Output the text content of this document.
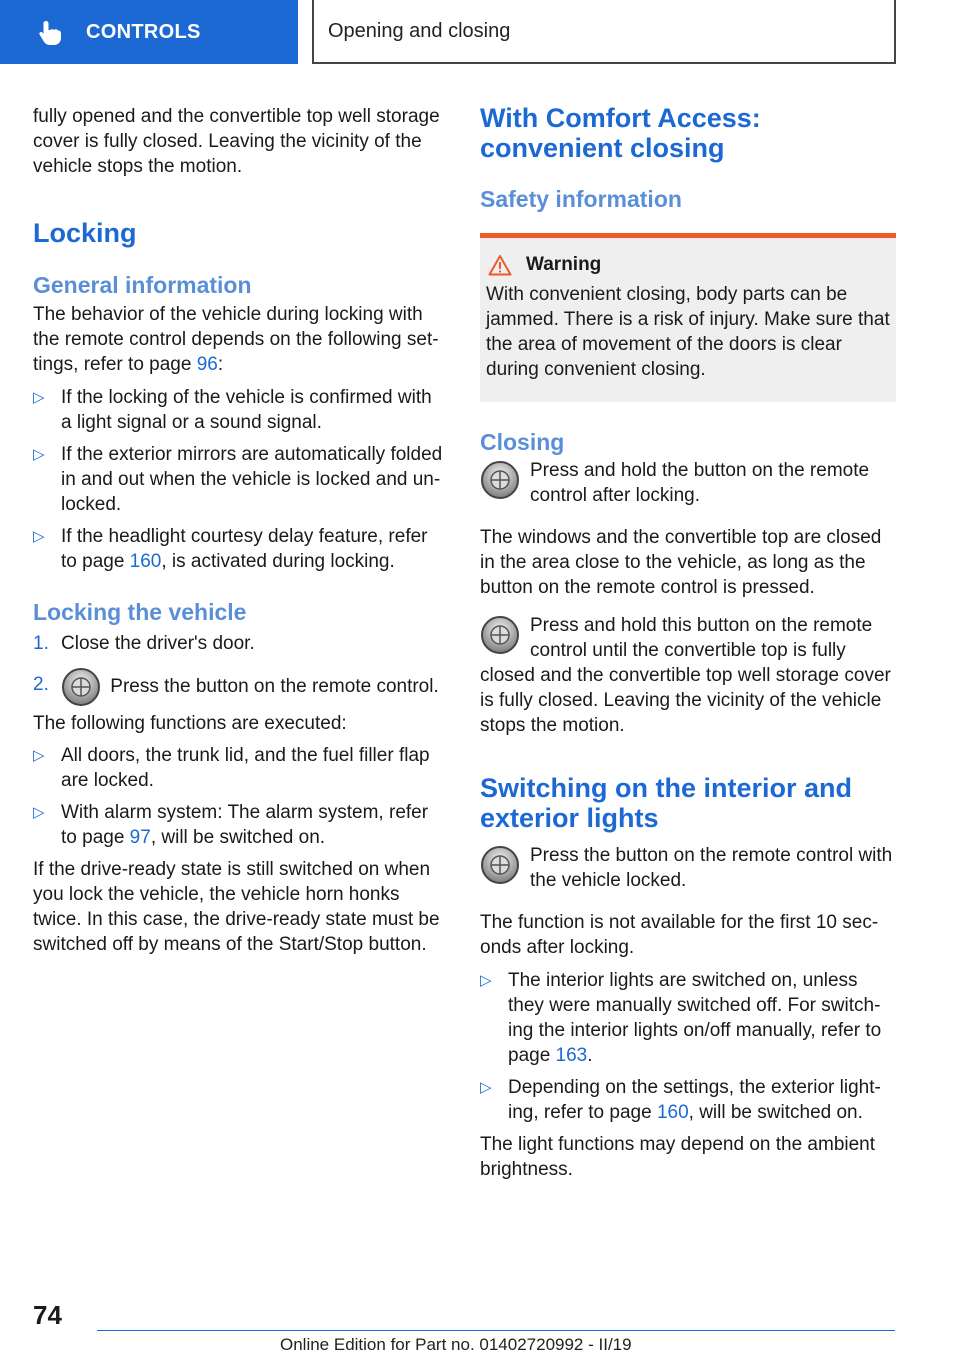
CONTROLS	Opening and closing

fully opened and the convertible top well storage cover is fully closed. Leaving the vicinity of the vehicle stops the motion.

Locking
General information

The behavior of the vehicle during locking with the remote control depends on the following set-tings, refer to page 96:

▷ If the locking of the vehicle is confirmed with a light signal or a sound signal.
▷ If the exterior mirrors are automatically folded in and out when the vehicle is locked and un-locked.
▷ If the headlight courtesy delay feature, refer to page 160, is activated during locking.
Locking the vehicle
1. Close the driver's door.
2.	Press the button on the remote control.

The following functions are executed:

▷ All doors, the trunk lid, and the fuel filler flap are locked.
▷ With alarm system: The alarm system, refer to page 97, will be switched on.

If the drive-ready state is still switched on when you lock the vehicle, the vehicle horn honks twice. In this case, the drive-ready state must be switched off by means of the Start/Stop button.

With Comfort Access: convenient closing
Safety information
Warning

With convenient closing, body parts can be jammed. There is a risk of injury. Make sure that the area of movement of the doors is clear during convenient closing.

Closing
Press and hold the button on the remote control after locking.

The windows and the convertible top are closed in the area close to the vehicle, as long as the button on the remote control is pressed.

Press and hold this button on the remote control until the convertible top is fully closed and the convertible top well storage cover is fully closed. Leaving the vicinity of the vehicle stops the motion.
Switching on the interior and exterior lights
Press the button on the remote control with the vehicle locked.

The function is not available for the first 10 sec-onds after locking.

▷ The interior lights are switched on, unless they were manually switched off. For switch-ing the interior lights on/off manually, refer to page 163.
▷ Depending on the settings, the exterior light-ing, refer to page 160, will be switched on.

The light functions may depend on the ambient brightness.

74
Online Edition for Part no. 01402720992 - II/19
